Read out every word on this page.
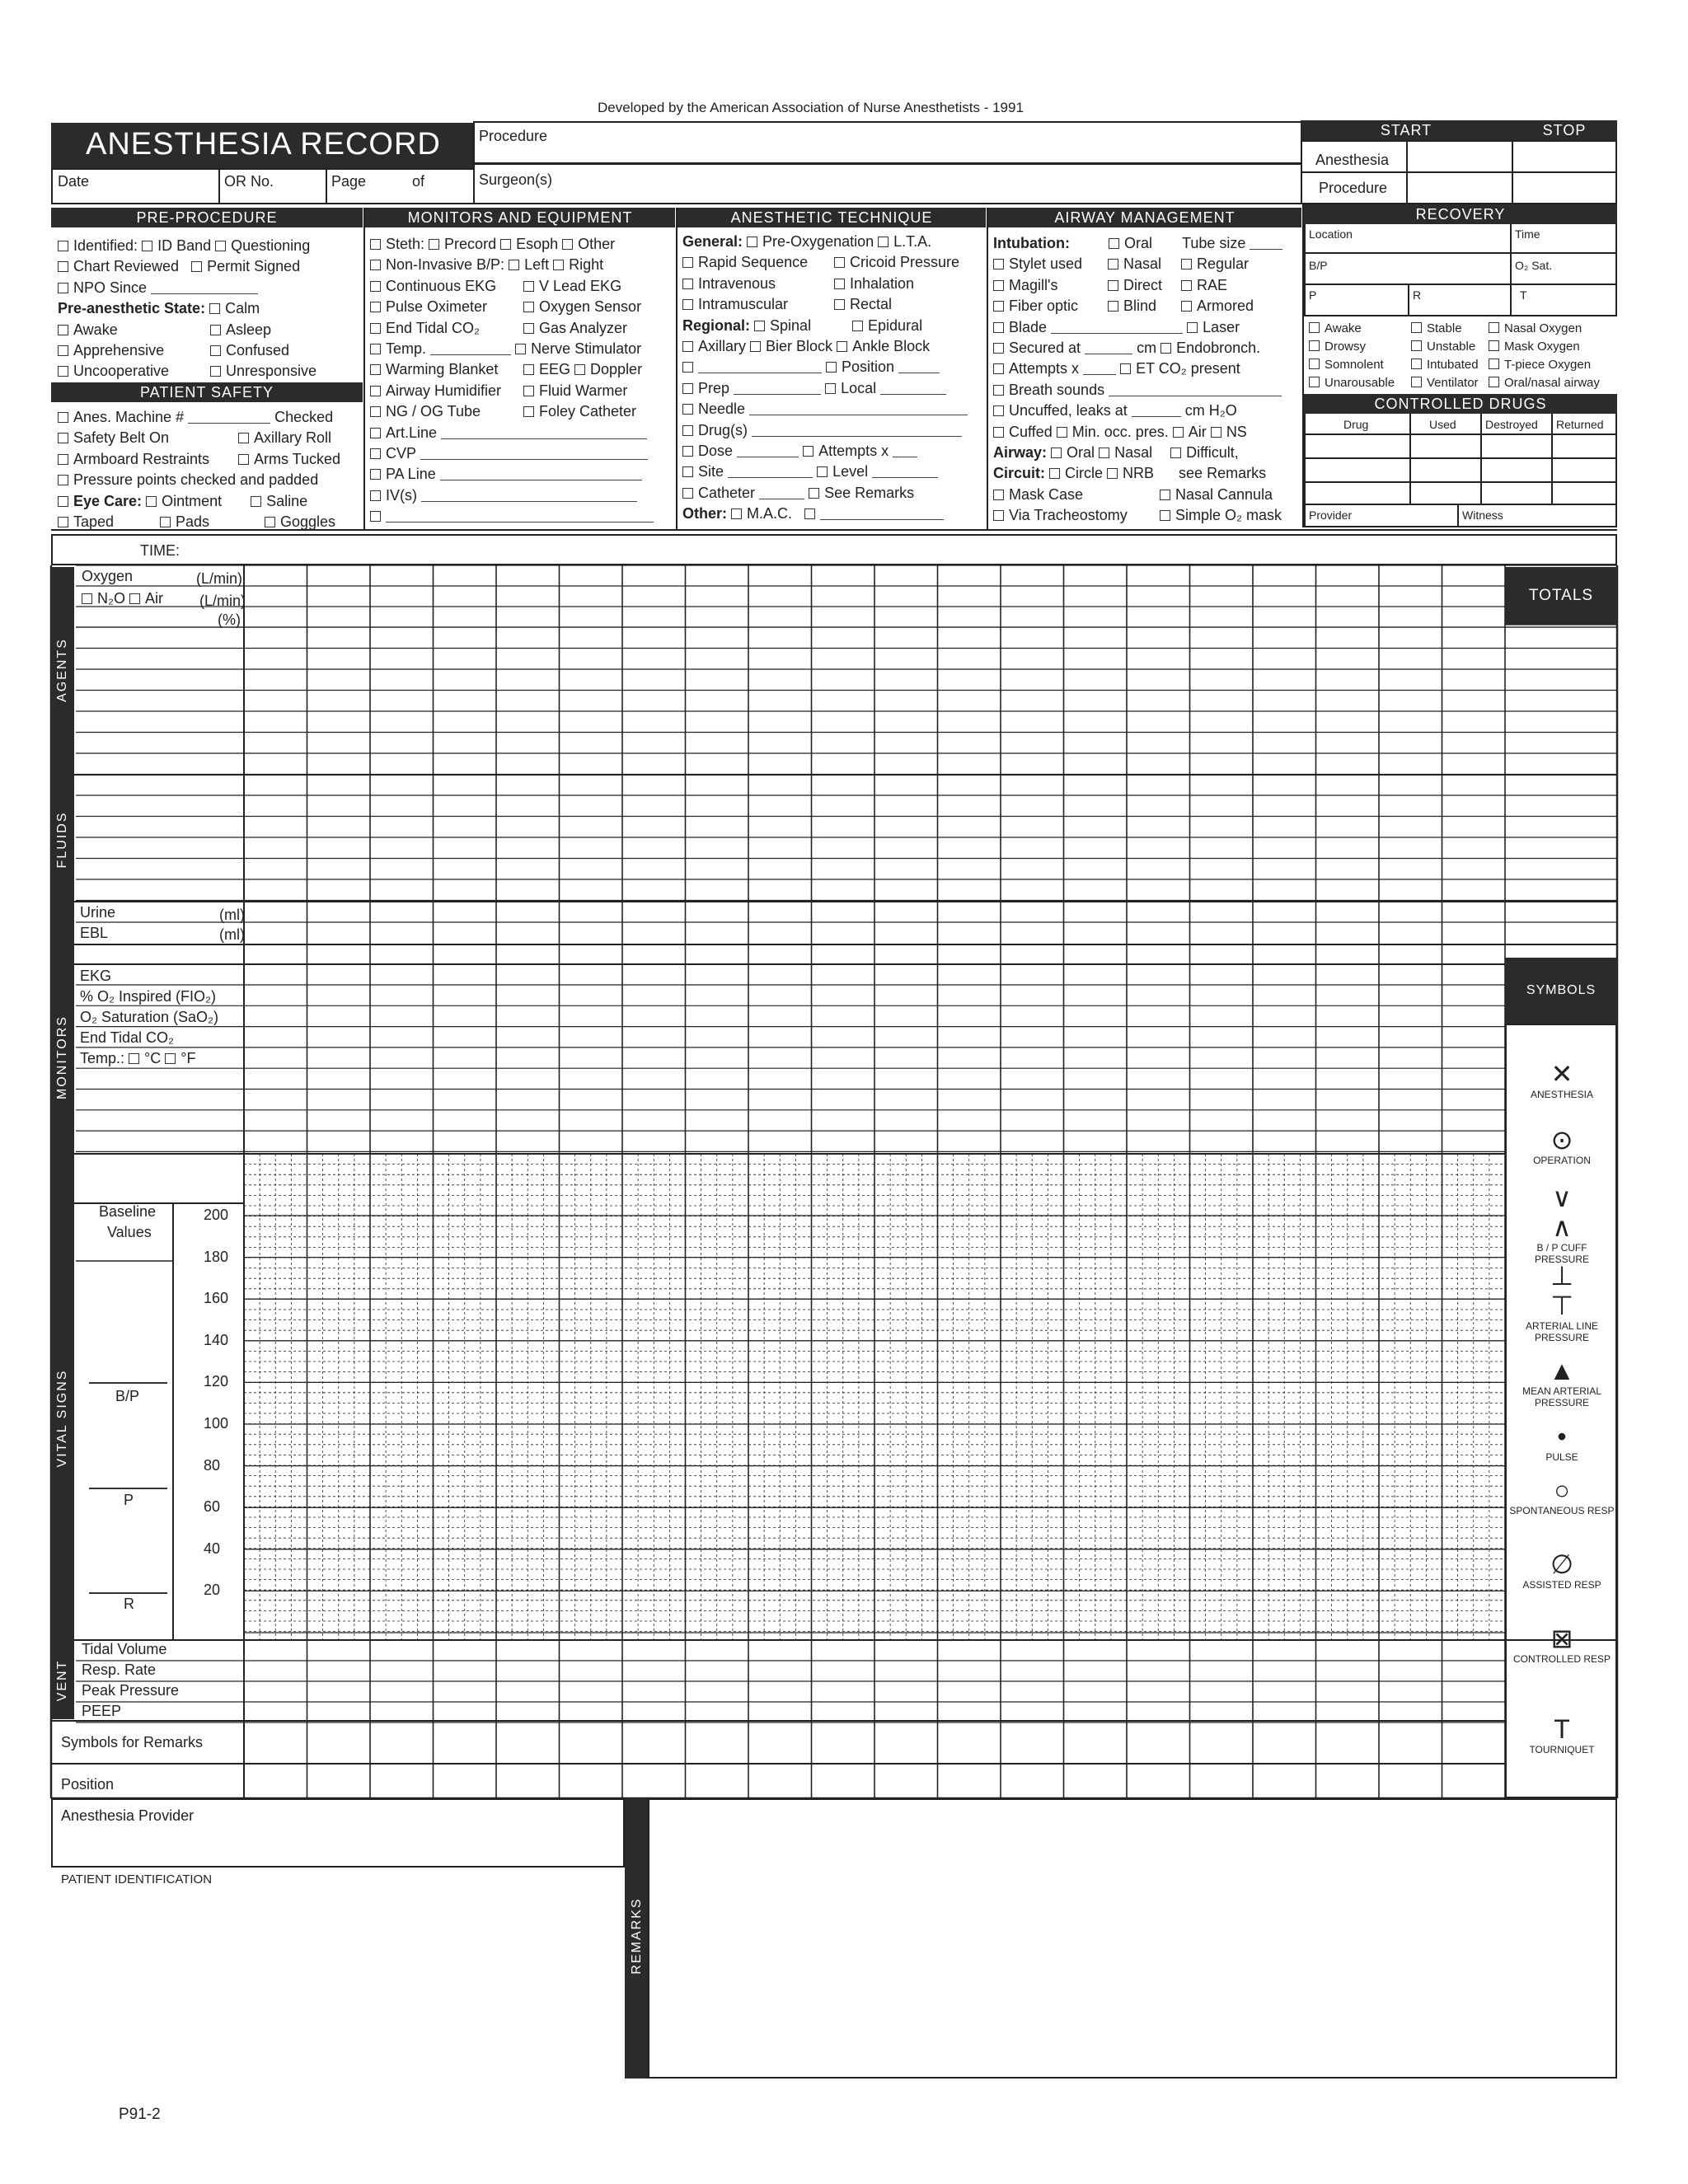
Developed by the American Association of Nurse Anesthetists - 1991
ANESTHESIA RECORD	Procedure
Surgeon(s)
Date	OR No.	Page	of
START	STOP
Anesthesia
Procedure
PRE-PROCEDURE	MONITORS AND EQUIPMENT	ANESTHETIC TECHNIQUE	AIRWAY MANAGEMENT	RECOVERY
Identified: ID Band Questioning
Chart Reviewed Permit Signed
NPO Since
Pre-anesthetic State: Calm
Awake	Asleep
Apprehensive	Confused
Uncooperative	Unresponsive
PATIENT SAFETY
Anes. Machine #	Checked
Safety Belt On	Axillary Roll
Armboard Restraints	Arms Tucked
Pressure points checked and padded
Eye Care: Ointment	Saline
Taped	Pads	Goggles
Steth: Precord Esoph Other
Non-Invasive B/P: Left Right
Continuous EKG	V Lead EKG
Pulse Oximeter	Oxygen Sensor
End Tidal CO₂	Gas Analyzer
Temp.	Nerve Stimulator
Warming Blanket	EEG Doppler
Airway Humidifier	Fluid Warmer
NG / OG Tube	Foley Catheter
Art.Line
CVP
PA Line
IV(s)
General: Pre-Oxygenation L.T.A.
Rapid Sequence	Cricoid Pressure
Intravenous	Inhalation
Intramuscular	Rectal
Regional: Spinal	Epidural
Axillary Bier Block Ankle Block
Position
Prep	Local
Needle
Drug(s)
Dose	Attempts x
Site	Level
Catheter	See Remarks
Other: M.A.C.
Intubation:	Oral Tube size
Stylet used	Nasal Regular
Magill's	Direct RAE
Fiber optic	Blind	Armored
Blade	Laser
Secured at	cm Endobronch.
Attempts x	ET CO₂ present
Breath sounds
Uncuffed, leaks at	cm H₂O
Cuffed Min. occ. pres. Air NS
Airway: Oral Nasal Difficult,
Circuit: Circle NRB see Remarks
Mask Case	Nasal Cannula
Via Tracheostomy	Simple O₂ mask
Location	Time
B/P	O₂ Sat.
P	R	T
Awake	Stable	Nasal Oxygen
Drowsy	Unstable Mask Oxygen
Somnolent	Intubated T-piece Oxygen
Unarousable	Ventilator Oral/nasal airway
CONTROLLED DRUGS
Drug	Used	Destroyed Returned
Provider	Witness
TIME:
AGENTS
FLUIDS
MONITORS
VITAL SIGNS
VENT
Oxygen	(L/min)
N₂O Air (L/min)
(%)
Urine	(ml)
EBL	(ml)
EKG
% O₂ Inspired (FIO₂)
O₂ Saturation (SaO₂)
End Tidal CO₂
Temp.: °C °F
Baseline
Values
B/P
P
R
200
180
160
140
120
100
80
60
40
20
Tidal Volume
Resp. Rate
Peak Pressure
PEEP
Symbols for Remarks
Position
TOTALS
SYMBOLS
✕
ANESTHESIA
⊙
OPERATION
∨
∧
B / P CUFF PRESSURE
⊥
⊤
ARTERIAL LINE PRESSURE
▲
MEAN ARTERIAL PRESSURE
•
PULSE
○
SPONTANEOUS RESP
∅
ASSISTED RESP
⊠
CONTROLLED RESP
T
TOURNIQUET
Anesthesia Provider
PATIENT IDENTIFICATION
REMARKS
P91-2
